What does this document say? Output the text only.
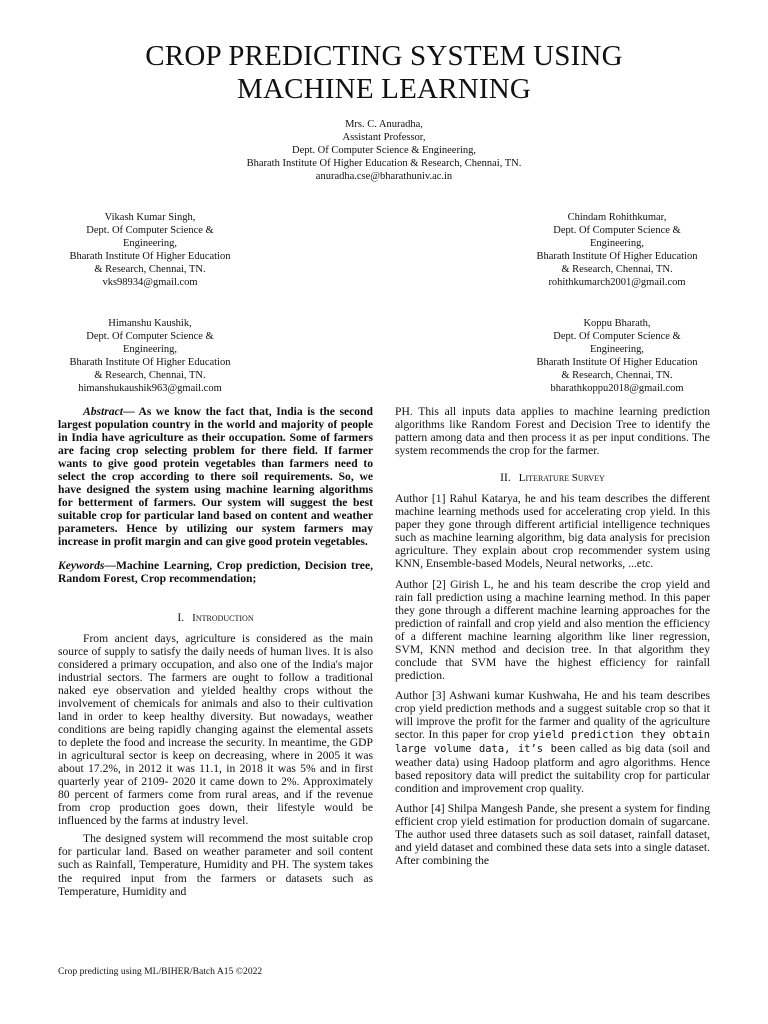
CROP PREDICTING SYSTEM USING
MACHINE LEARNING
Mrs. C. Anuradha,
Assistant Professor,
Dept. Of Computer Science & Engineering,
Bharath Institute Of Higher Education & Research, Chennai, TN.
anuradha.cse@bharathuniv.ac.in
Vikash Kumar Singh,
Dept. Of Computer Science &
Engineering,
Bharath Institute Of Higher Education
& Research, Chennai, TN.
vks98934@gmail.com
Chindam Rohithkumar,
Dept. Of Computer Science &
Engineering,
Bharath Institute Of Higher Education
& Research, Chennai, TN.
rohithkumarch2001@gmail.com
Himanshu Kaushik,
Dept. Of Computer Science &
Engineering,
Bharath Institute Of Higher Education
& Research, Chennai, TN.
himanshukaushik963@gmail.com
Koppu Bharath,
Dept. Of Computer Science &
Engineering,
Bharath Institute Of Higher Education
& Research, Chennai, TN.
bharathkoppu2018@gmail.com

Abstract— As we know the fact that, India is the second largest population country in the world and majority of people in India have agriculture as their occupation. Some of farmers are facing crop selecting problem for there field. If farmer wants to give good protein vegetables than farmers need to select the crop according to there soil requirements. So, we have designed the system using machine learning algorithms for betterment of farmers. Our system will suggest the best suitable crop for particular land based on content and weather parameters. Hence by utilizing our system farmers may increase in profit margin and can give good protein vegetables.

Keywords—Machine Learning, Crop prediction, Decision tree, Random Forest, Crop recommendation;

I. Introduction

From ancient days, agriculture is considered as the main source of supply to satisfy the daily needs of human lives. It is also considered a primary occupation, and also one of the India's major industrial sectors. The farmers are ought to follow a traditional naked eye observation and yielded healthy crops without the involvement of chemicals for animals and also to their cultivation land in order to keep healthy diversity. But nowadays, weather conditions are being rapidly changing against the elemental assets to deplete the food and increase the security. In meantime, the GDP in agricultural sector is keep on decreasing, where in 2005 it was about 17.2%, in 2012 it was 11.1, in 2018 it was 5% and in first quarterly year of 2109- 2020 it came down to 2%. Approximately 80 percent of farmers come from rural areas, and if the revenue from crop production goes down, their lifestyle would be influenced by the farms at industry level.

The designed system will recommend the most suitable crop for particular land. Based on weather parameter and soil content such as Rainfall, Temperature, Humidity and PH. The system takes the required input from the farmers or datasets such as Temperature, Humidity and

PH. This all inputs data applies to machine learning prediction algorithms like Random Forest and Decision Tree to identify the pattern among data and then process it as per input conditions. The system recommends the crop for the farmer.

II. Literature Survey

Author [1] Rahul Katarya, he and his team describes the different machine learning methods used for accelerating crop yield. In this paper they gone through different artificial intelligence techniques such as machine learning algorithm, big data analysis for precision agriculture. They explain about crop recommender system using KNN, Ensemble-based Models, Neural networks, ...etc.

Author [2] Girish L, he and his team describe the crop yield and rain fall prediction using a machine learning method. In this paper they gone through a different machine learning approaches for the prediction of rainfall and crop yield and also mention the efficiency of a different machine learning algorithm like liner regression, SVM, KNN method and decision tree. In that algorithm they conclude that SVM have the highest efficiency for rainfall prediction.

Author [3] Ashwani kumar Kushwaha, He and his team describes crop yield prediction methods and a suggest suitable crop so that it will improve the profit for the farmer and quality of the agriculture sector. In this paper for crop yield prediction they obtain large volume data, it’s been called as big data (soil and weather data) using Hadoop platform and agro algorithms. Hence based repository data will predict the suitability crop for particular condition and improvement crop quality.

Author [4] Shilpa Mangesh Pande, she present a system for finding efficient crop yield estimation for production domain of sugarcane. The author used three datasets such as soil dataset, rainfall dataset, and yield dataset and combined these data sets into a single dataset. After combining the

Crop predicting using ML/BIHER/Batch A15 ©2022
